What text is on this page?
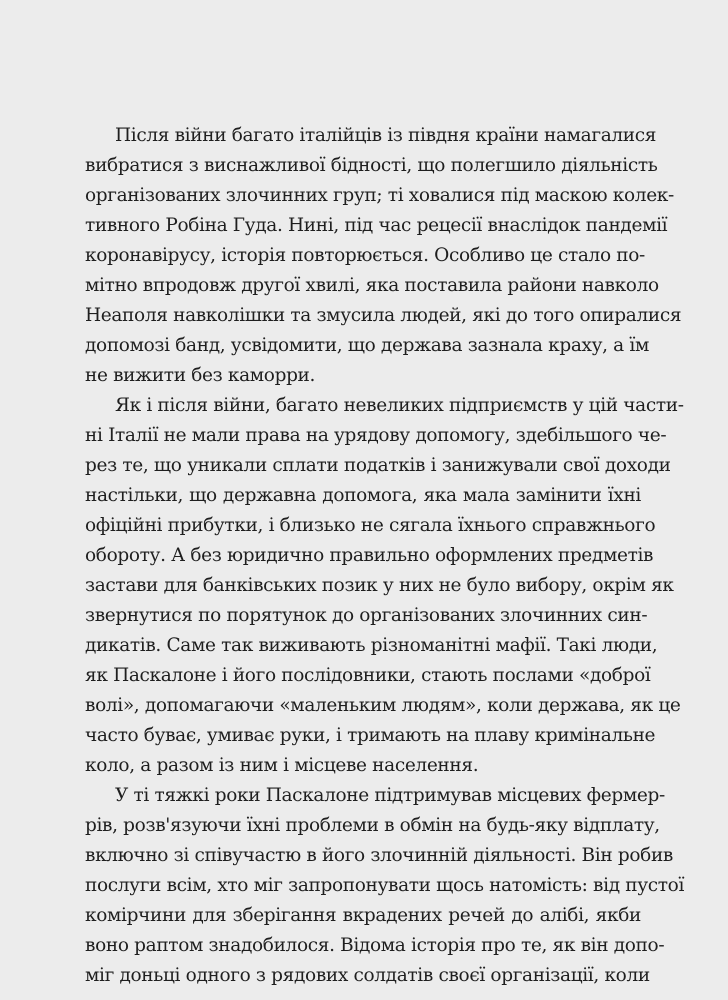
Після війни багато італійців із півдня країни намагалися
вибратися з виснажливої бідності, що полегшило діяльність
організованих злочинних груп; ті ховалися під маскою колек-
тивного Робіна Гуда. Нині, під час рецесії внаслідок пандемії
коронавірусу, історія повторюється. Особливо це стало по-
мітно впродовж другої хвилі, яка поставила райони навколо
Неаполя навколішки та змусила людей, які до того опиралися
допомозі банд, усвідомити, що держава зазнала краху, а їм
не вижити без каморри.
Як і після війни, багато невеликих підприємств у цій части-
ні Італії не мали права на урядову допомогу, здебільшого че-
рез те, що уникали сплати податків і занижували свої доходи
настільки, що державна допомога, яка мала замінити їхні
офіційні прибутки, і близько не сягала їхнього справжнього
обороту. А без юридично правильно оформлених предметів
застави для банківських позик у них не було вибору, окрім як
звернутися по порятунок до організованих злочинних син-
дикатів. Саме так виживають різноманітні мафії. Такі люди,
як Паскалоне і його послідовники, стають послами «доброї
волі», допомагаючи «маленьким людям», коли держава, як це
часто буває, умиває руки, і тримають на плаву кримінальне
коло, а разом із ним і місцеве населення.
У ті тяжкі роки Паскалоне підтримував місцевих фермер-
рів, розв'язуючи їхні проблеми в обмін на будь-яку відплату,
включно зі співучастю в його злочинній діяльності. Він робив
послуги всім, хто міг запропонувати щось натомість: від пустої
комірчини для зберігання вкрадених речей до алібі, якби
воно раптом знадобилося. Відома історія про те, як він допо-
міг доньці одного з рядових солдатів своєї організації, коли
